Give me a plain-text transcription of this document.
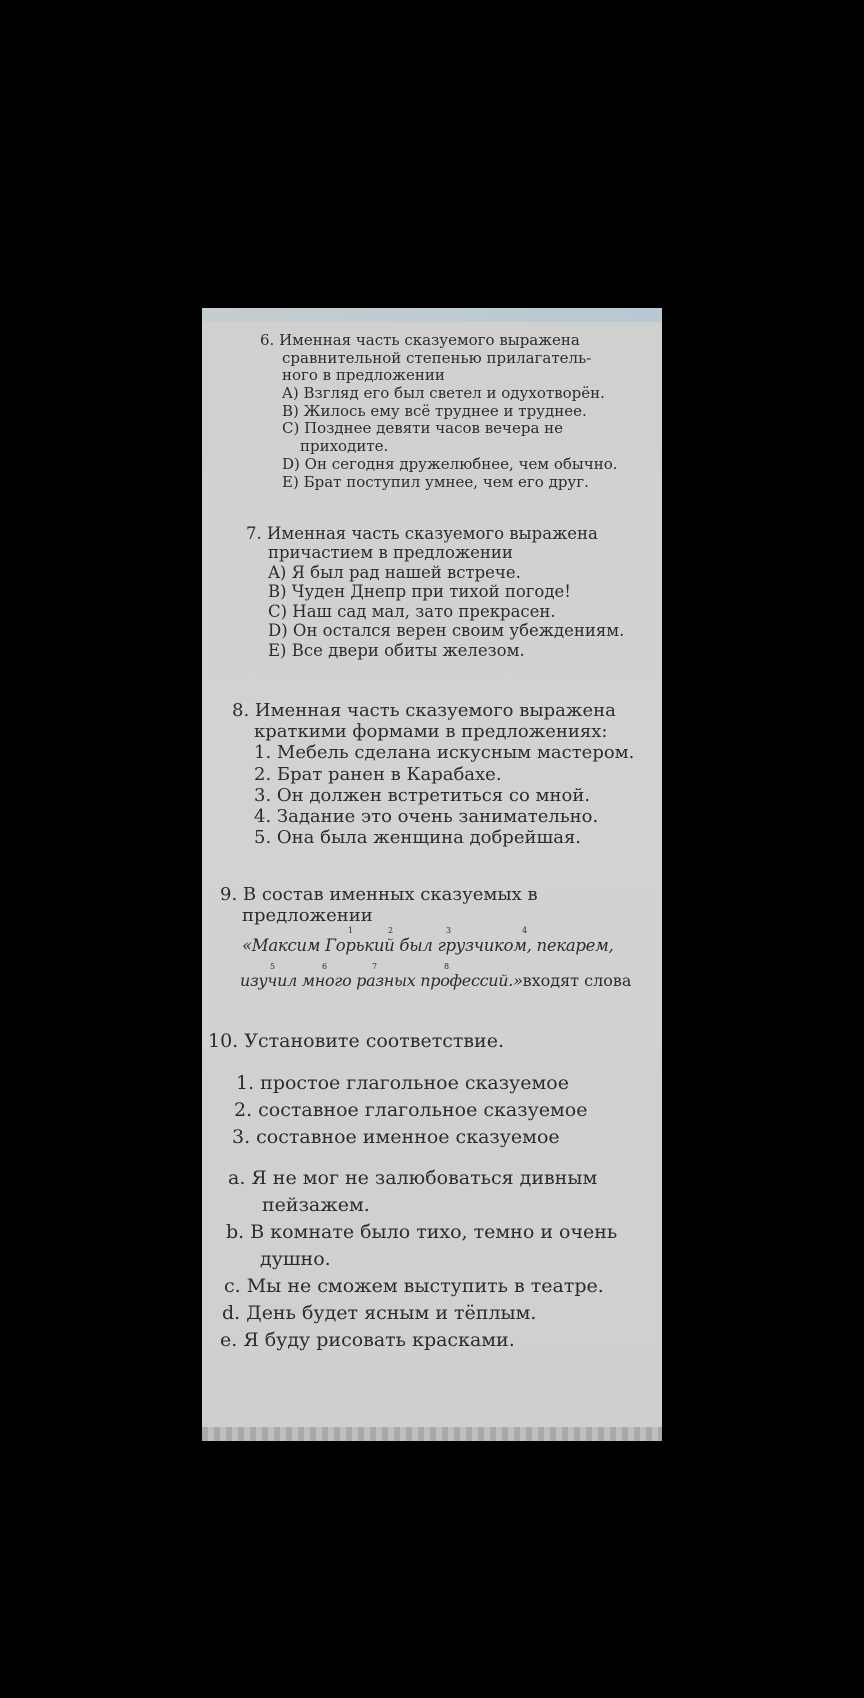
6. Именная часть сказуемого выражена
сравнительной степенью прилагатель-
ного в предложении
A) Взгляд его был светел и одухотворён.
B) Жилось ему всё труднее и труднее.
C) Позднее девяти часов вечера не
приходите.
D) Он сегодня дружелюбнее, чем обычно.
E) Брат поступил умнее, чем его друг.
7. Именная часть сказуемого выражена
причастием в предложении
A) Я был рад нашей встрече.
B) Чуден Днепр при тихой погоде!
C) Наш сад мал, зато прекрасен.
D) Он остался верен своим убеждениям.
E) Все двери обиты железом.
8. Именная часть сказуемого выражена
краткими формами в предложениях:
1. Мебель сделана искусным мастером.
2. Брат ранен в Карабахе.
3. Он должен встретиться со мной.
4. Задание это очень занимательно.
5. Она была женщина добрейшая.
9. В состав именных сказуемых в
предложении
1	2	3	4
«Максим Горький был грузчиком, пекарем,
5	6	7	8
изучил много разных профессий.»входят слова
10. Установите соответствие.
1. простое глагольное сказуемое
2. составное глагольное сказуемое
3. составное именное сказуемое
a. Я не мог не залюбоваться дивным
пейзажем.
b. В комнате было тихо, темно и очень
душно.
c. Мы не сможем выступить в театре.
d. День будет ясным и тёплым.
e. Я буду рисовать красками.
